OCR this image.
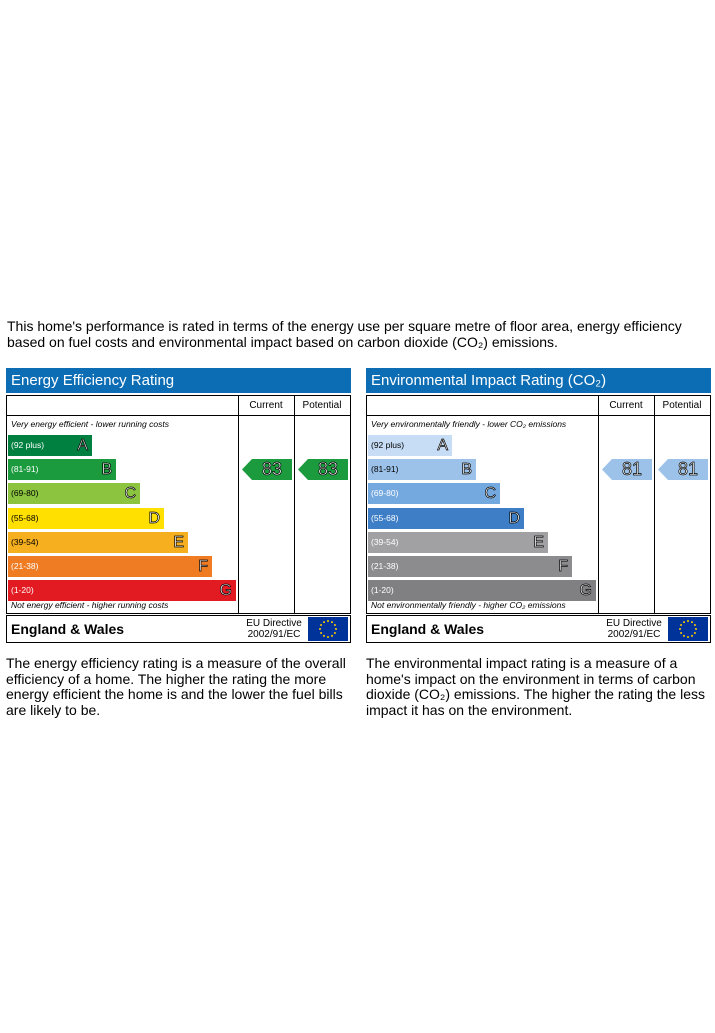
This home's performance is rated in terms of the energy use per square metre of floor area, energy efficiency based on fuel costs and environmental impact based on carbon dioxide (CO₂) emissions.

Energy Efficiency Rating
Current	Potential
Very energy efficient - lower running costs
(92 plus) A
(81-91)	B
(69-80)	C
(55-68)	D
(39-54)	E
(21-38)	F
(1-20)	G
Not energy efficient - higher running costs
83	83
England & Wales	EU Directive
2002/91/EC
Environmental Impact Rating (CO₂)
Current	Potential
Very environmentally friendly - lower CO₂ emissions
(92 plus) A
(81-91)	B
(69-80)	C
(55-68)	D
(39-54)	E
(21-38)	F
(1-20)	G
Not environmentally friendly - higher CO₂ emissions
81	81
England & Wales	EU Directive
2002/91/EC

The energy efficiency rating is a measure of the overall efficiency of a home. The higher the rating the more energy efficient the home is and the lower the fuel bills are likely to be.

The environmental impact rating is a measure of a home's impact on the environment in terms of carbon dioxide (CO₂) emissions. The higher the rating the less impact it has on the environment.
